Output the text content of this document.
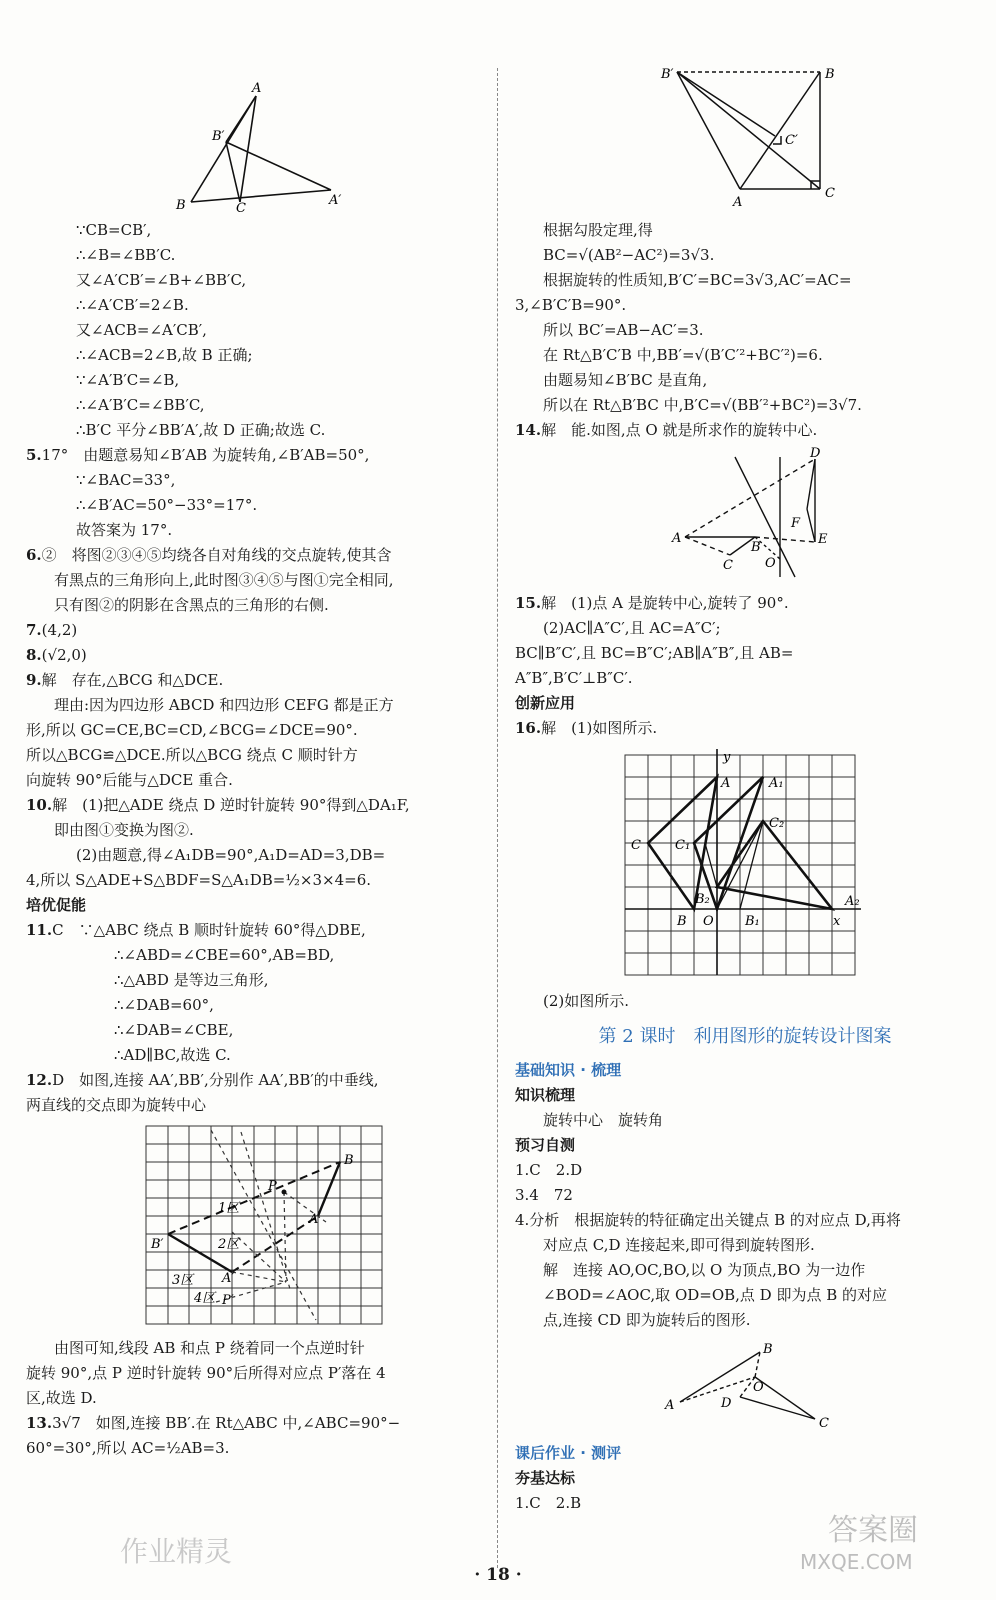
A
B′
B	C
A′
∵CB=CB′,
∴∠B=∠BB′C.
又∠A′CB′=∠B+∠BB′C,
∴∠A′CB′=2∠B.
又∠ACB=∠A′CB′,
∴∠ACB=2∠B,故 B 正确;
∵∠A′B′C=∠B,
∴∠A′B′C=∠BB′C,
∴B′C 平分∠BB′A′,故 D 正确;故选 C.
5.17°　由题意易知∠B′AB 为旋转角,∠B′AB=50°,
∵∠BAC=33°,
∴∠B′AC=50°−33°=17°.
故答案为 17°.
6.②　将图②③④⑤均绕各自对角线的交点旋转,使其含
有黑点的三角形向上,此时图③④⑤与图①完全相同,
只有图②的阴影在含黑点的三角形的右侧.
7.(4,2)
8.(√2,0)
9.解　存在,△BCG 和△DCE.
理由:因为四边形 ABCD 和四边形 CEFG 都是正方
形,所以 GC=CE,BC=CD,∠BCG=∠DCE=90°.
所以△BCG≌△DCE.所以△BCG 绕点 C 顺时针方
向旋转 90°后能与△DCE 重合.
10.解　(1)把△ADE 绕点 D 逆时针旋转 90°得到△DA₁F,
即由图①变换为图②.
(2)由题意,得∠A₁DB=90°,A₁D=AD=3,DB=
4,所以 S△ADE+S△BDF=S△A₁DB=½×3×4=6.
培优促能
11.C　∵△ABC 绕点 B 顺时针旋转 60°得△DBE,
∴∠ABD=∠CBE=60°,AB=BD,
∴△ABD 是等边三角形,
∴∠DAB=60°,
∴∠DAB=∠CBE,
∴AD∥BC,故选 C.
12.D　如图,连接 AA′,BB′,分别作 AA′,BB′的中垂线,
两直线的交点即为旋转中心
B
P
1区
A
2区
B′
A′
3区
4区 P′
由图可知,线段 AB 和点 P 绕着同一个点逆时针
旋转 90°,点 P 逆时针旋转 90°后所得对应点 P′落在 4
区,故选 D.
13.3√7　如图,连接 BB′.在 Rt△ABC 中,∠ABC=90°−
60°=30°,所以 AC=½AB=3.
B′	B
C′
A
C
根据勾股定理,得
BC=√(AB²−AC²)=3√3.
根据旋转的性质知,B′C′=BC=3√3,AC′=AC=
3,∠B′C′B=90°.
所以 BC′=AB−AC′=3.
在 Rt△B′C′B 中,BB′=√(B′C′²+BC′²)=6.
由题易知∠B′BC 是直角,
所以在 Rt△B′BC 中,B′C=√(BB′²+BC²)=3√7.
14.解　能.如图,点 O 就是所求作的旋转中心.
D
A
B
F
E
C O
15.解　(1)点 A 是旋转中心,旋转了 90°.
(2)AC∥A″C′,且 AC=A″C′;
BC∥B″C′,且 BC=B″C′;AB∥A″B″,且 AB=
A″B″,B′C′⊥B″C′.
创新应用
16.解　(1)如图所示.
y
A	A₁
C₂
C	C₁
B₂
B O B₁	x
A₂
(2)如图所示.
第 2 课时　利用图形的旋转设计图案
基础知识 · 梳理
知识梳理
旋转中心　旋转角
预习自测
1.C　2.D
3.4　72
4.分析　根据旋转的特征确定出关键点 B 的对应点 D,再将
对应点 C,D 连接起来,即可得到旋转图形.
解　连接 AO,OC,BO,以 O 为顶点,BO 为一边作
∠BOD=∠AOC,取 OD=OB,点 D 即为点 B 的对应
点,连接 CD 即为旋转后的图形.
B
O
A	D
C
课后作业 · 测评
夯基达标
1.C　2.B
· 18 ·
作业精灵
答案圈
MXQE.COM
